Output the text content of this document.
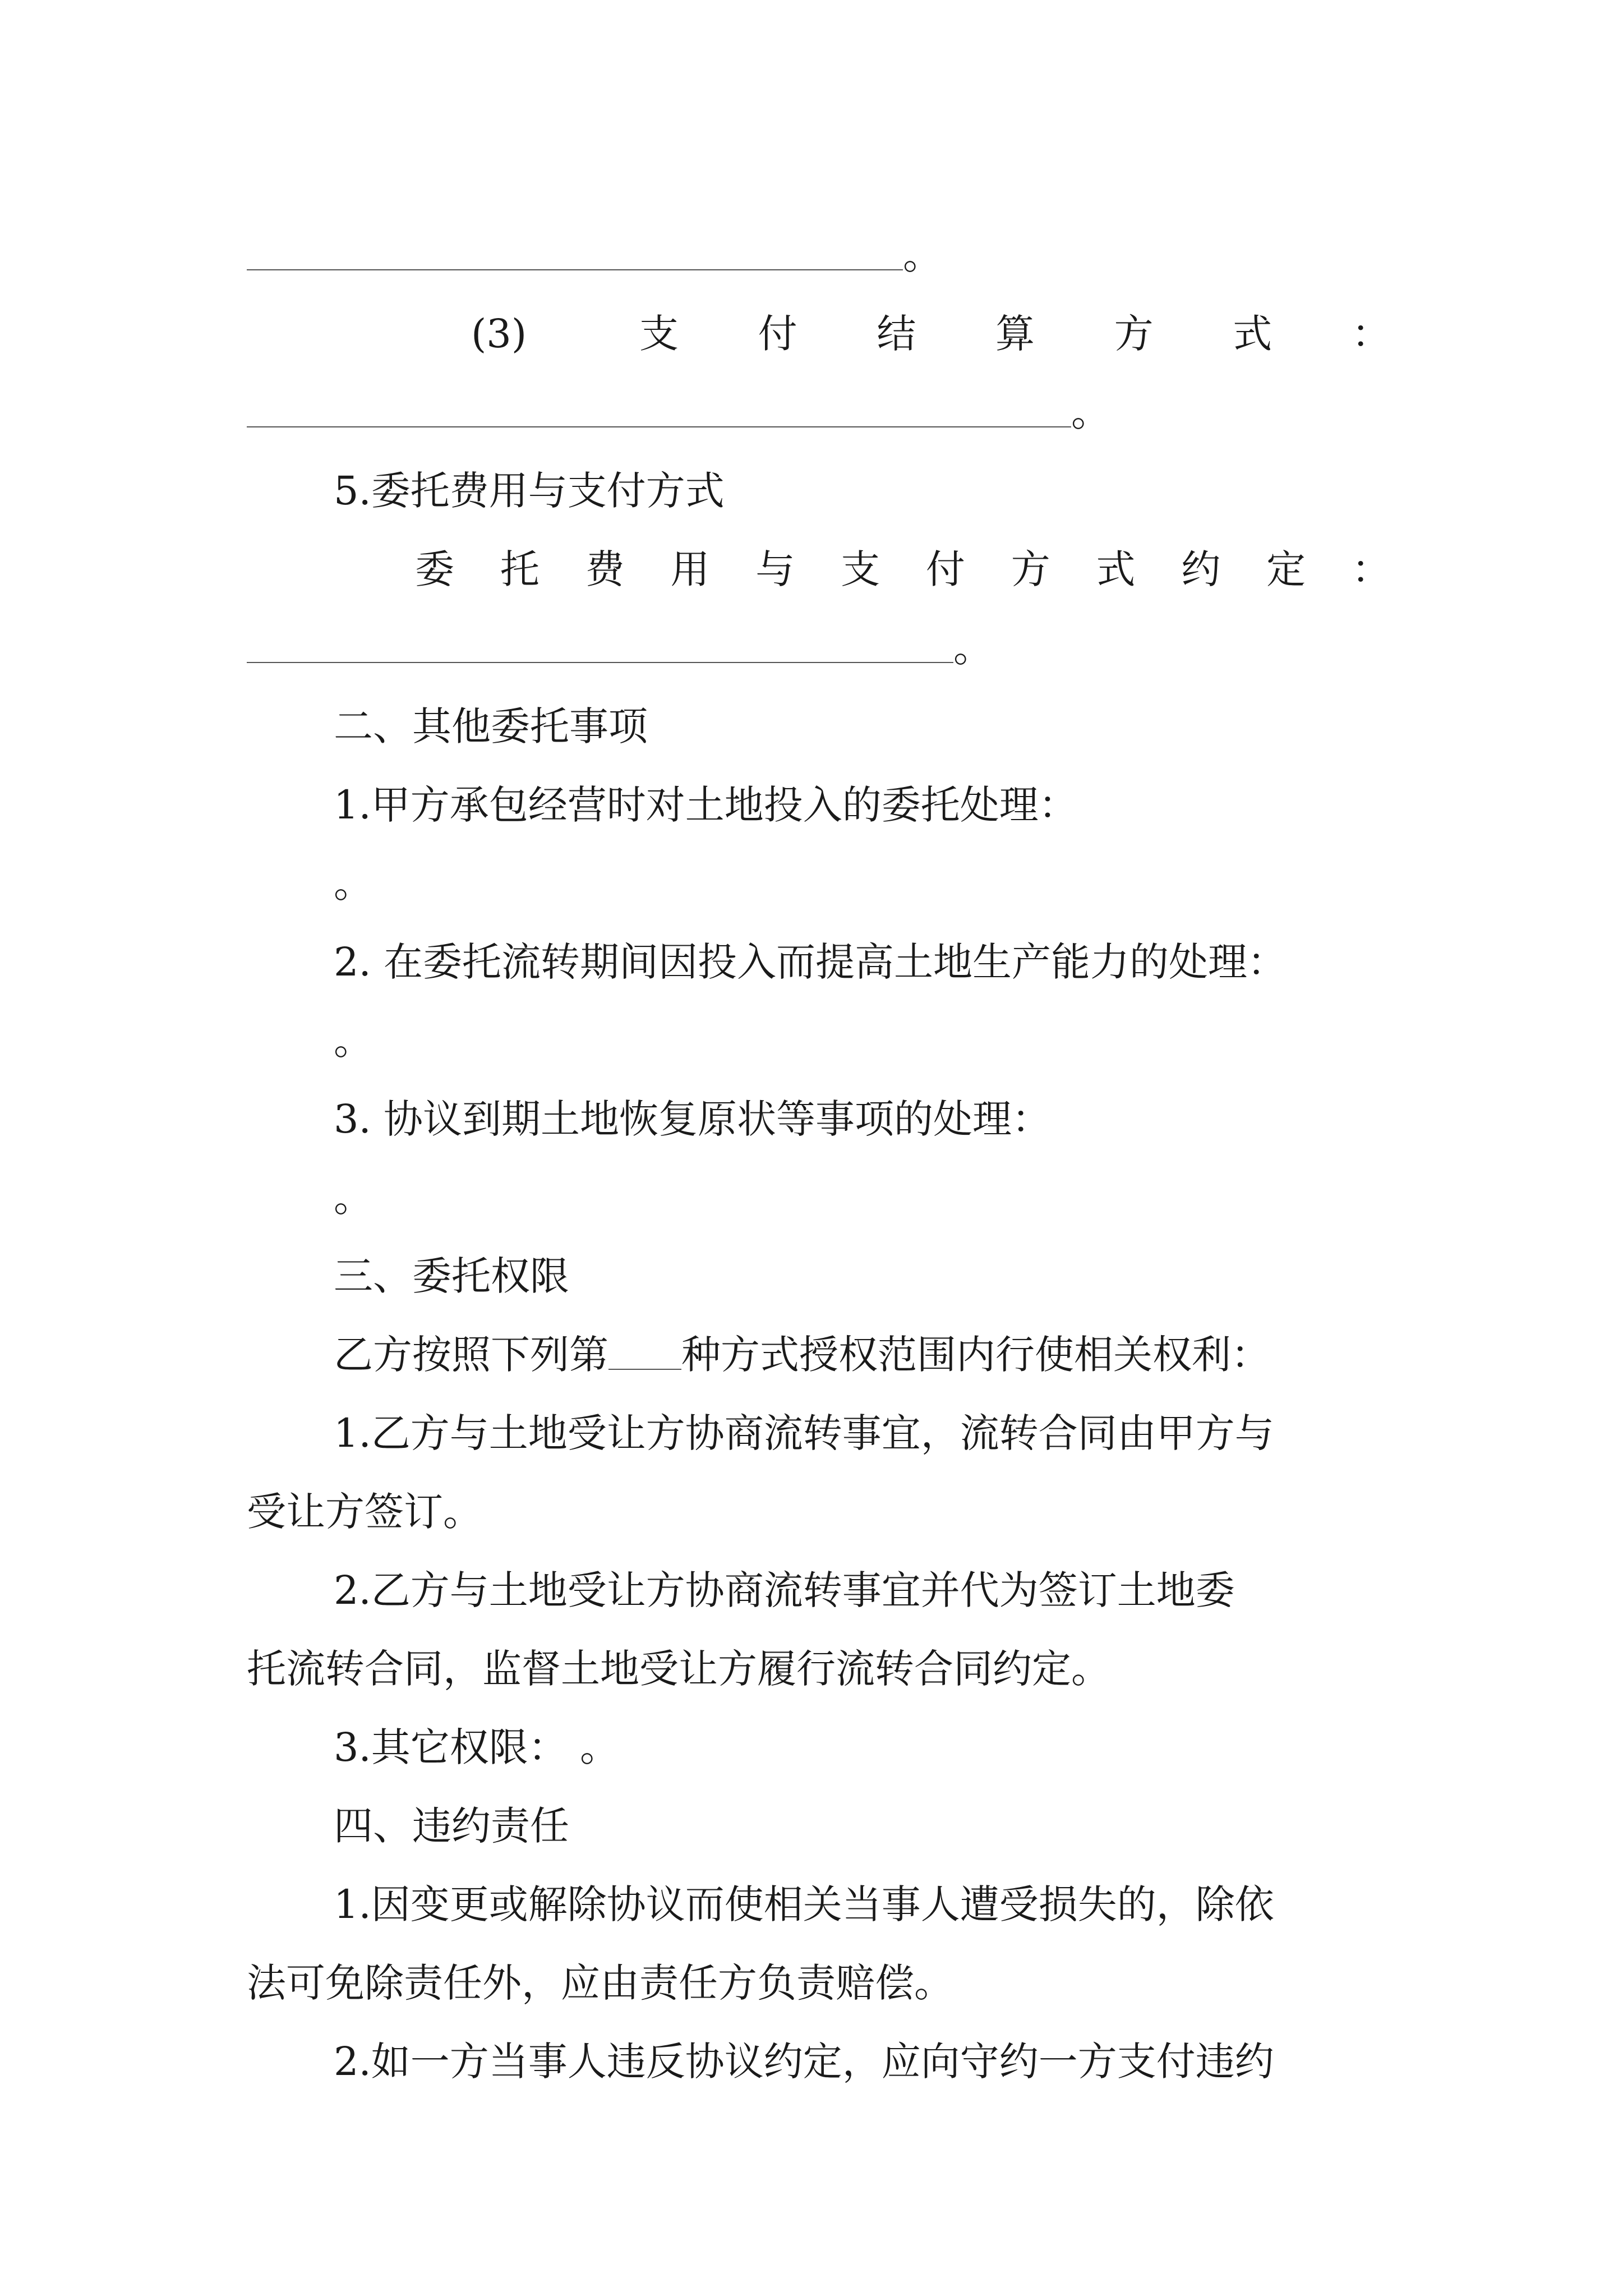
。
(3)	支 付 结 算 方 式 ：
。
5.委托费用与支付方式
委 托 费 用 与 支 付 方 式 约 定 ：
。
二、其他委托事项
1.甲方承包经营时对土地投入的委托处理：
。
2. 在委托流转期间因投入而提高土地生产能力的处理：
。
3. 协议到期土地恢复原状等事项的处理：
。
三、委托权限
乙方按照下列第 种方式授权范围内行使相关权利：
1.乙方与土地受让方协商流转事宜，流转合同由甲方与
受让方签订。
2.乙方与土地受让方协商流转事宜并代为签订土地委
托流转合同，监督土地受让方履行流转合同约定。
3.其它权限： 。
四、违约责任
1.因变更或解除协议而使相关当事人遭受损失的，除依
法可免除责任外，应由责任方负责赔偿。
2.如一方当事人违反协议约定，应向守约一方支付违约
